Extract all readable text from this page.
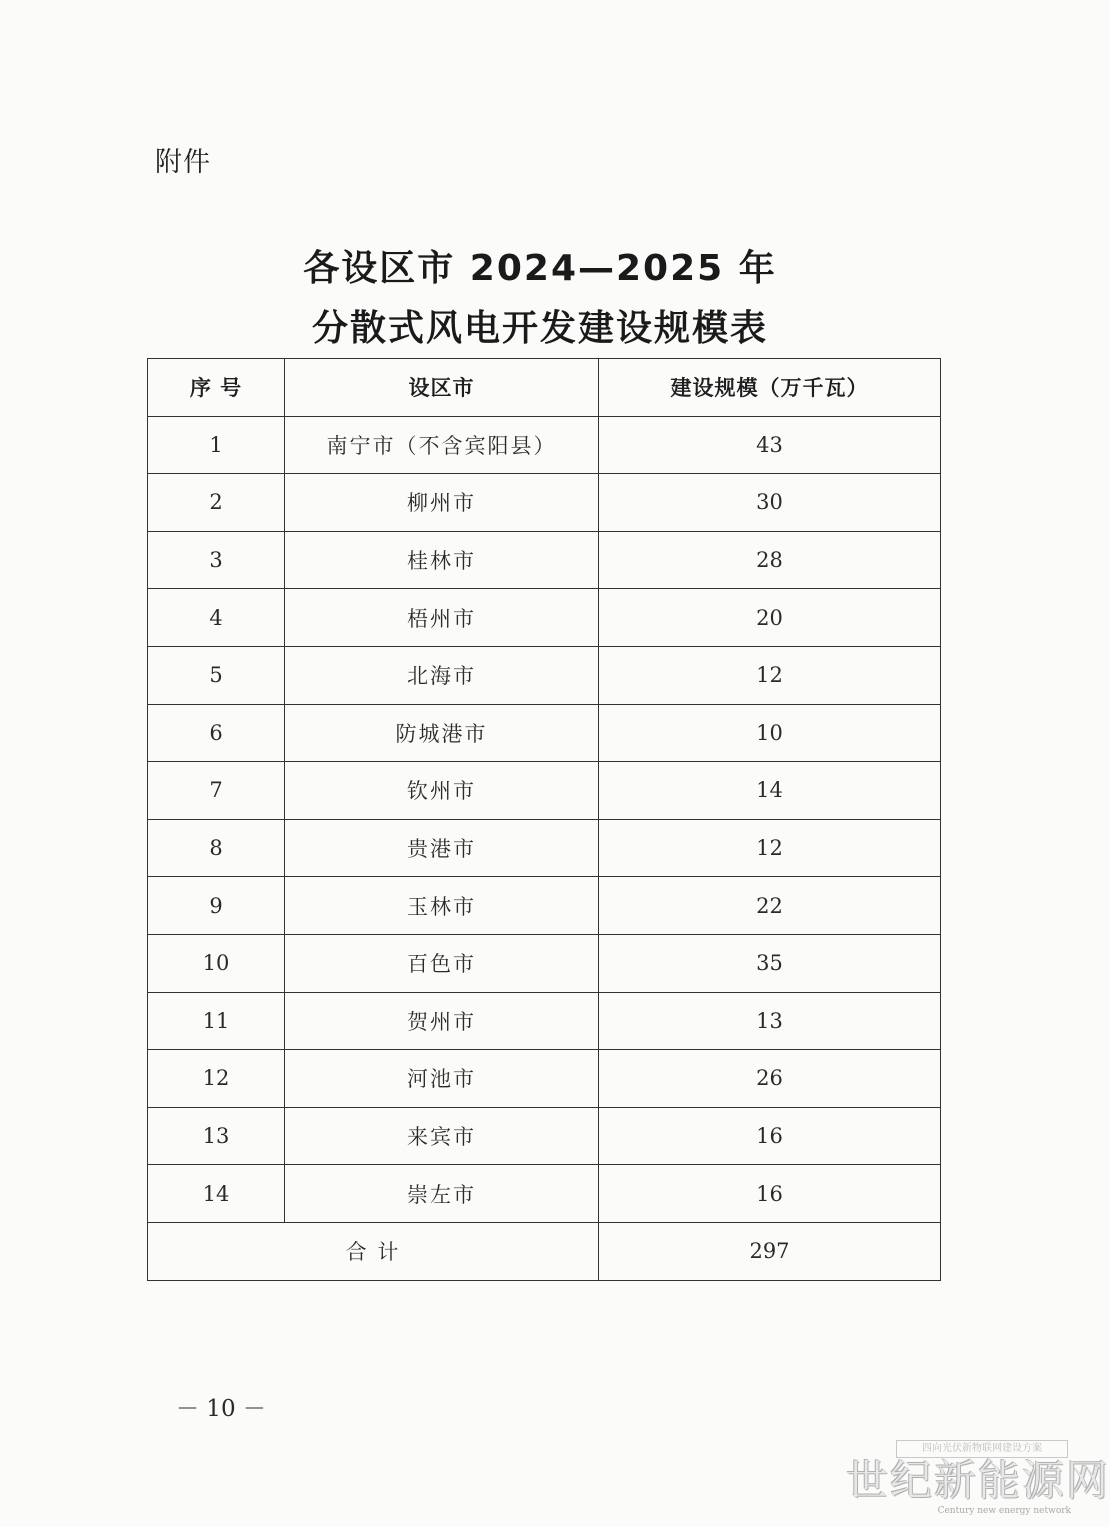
附件
各设区市 2024—2025 年
分散式风电开发建设规模表
序 号	设区市	建设规模（万千瓦）
1	南宁市（不含宾阳县）	43
2	柳州市	30
3	桂林市	28
4	梧州市	20
5	北海市	12
6	防城港市	10
7	钦州市	14
8	贵港市	12
9	玉林市	22
10	百色市	35
11	贺州市	13
12	河池市	26
13	来宾市	16
14	崇左市	16
合 计		297
－ 10 －
四向光伏新物联网建设方案
世纪新能源网
Century new energy network
